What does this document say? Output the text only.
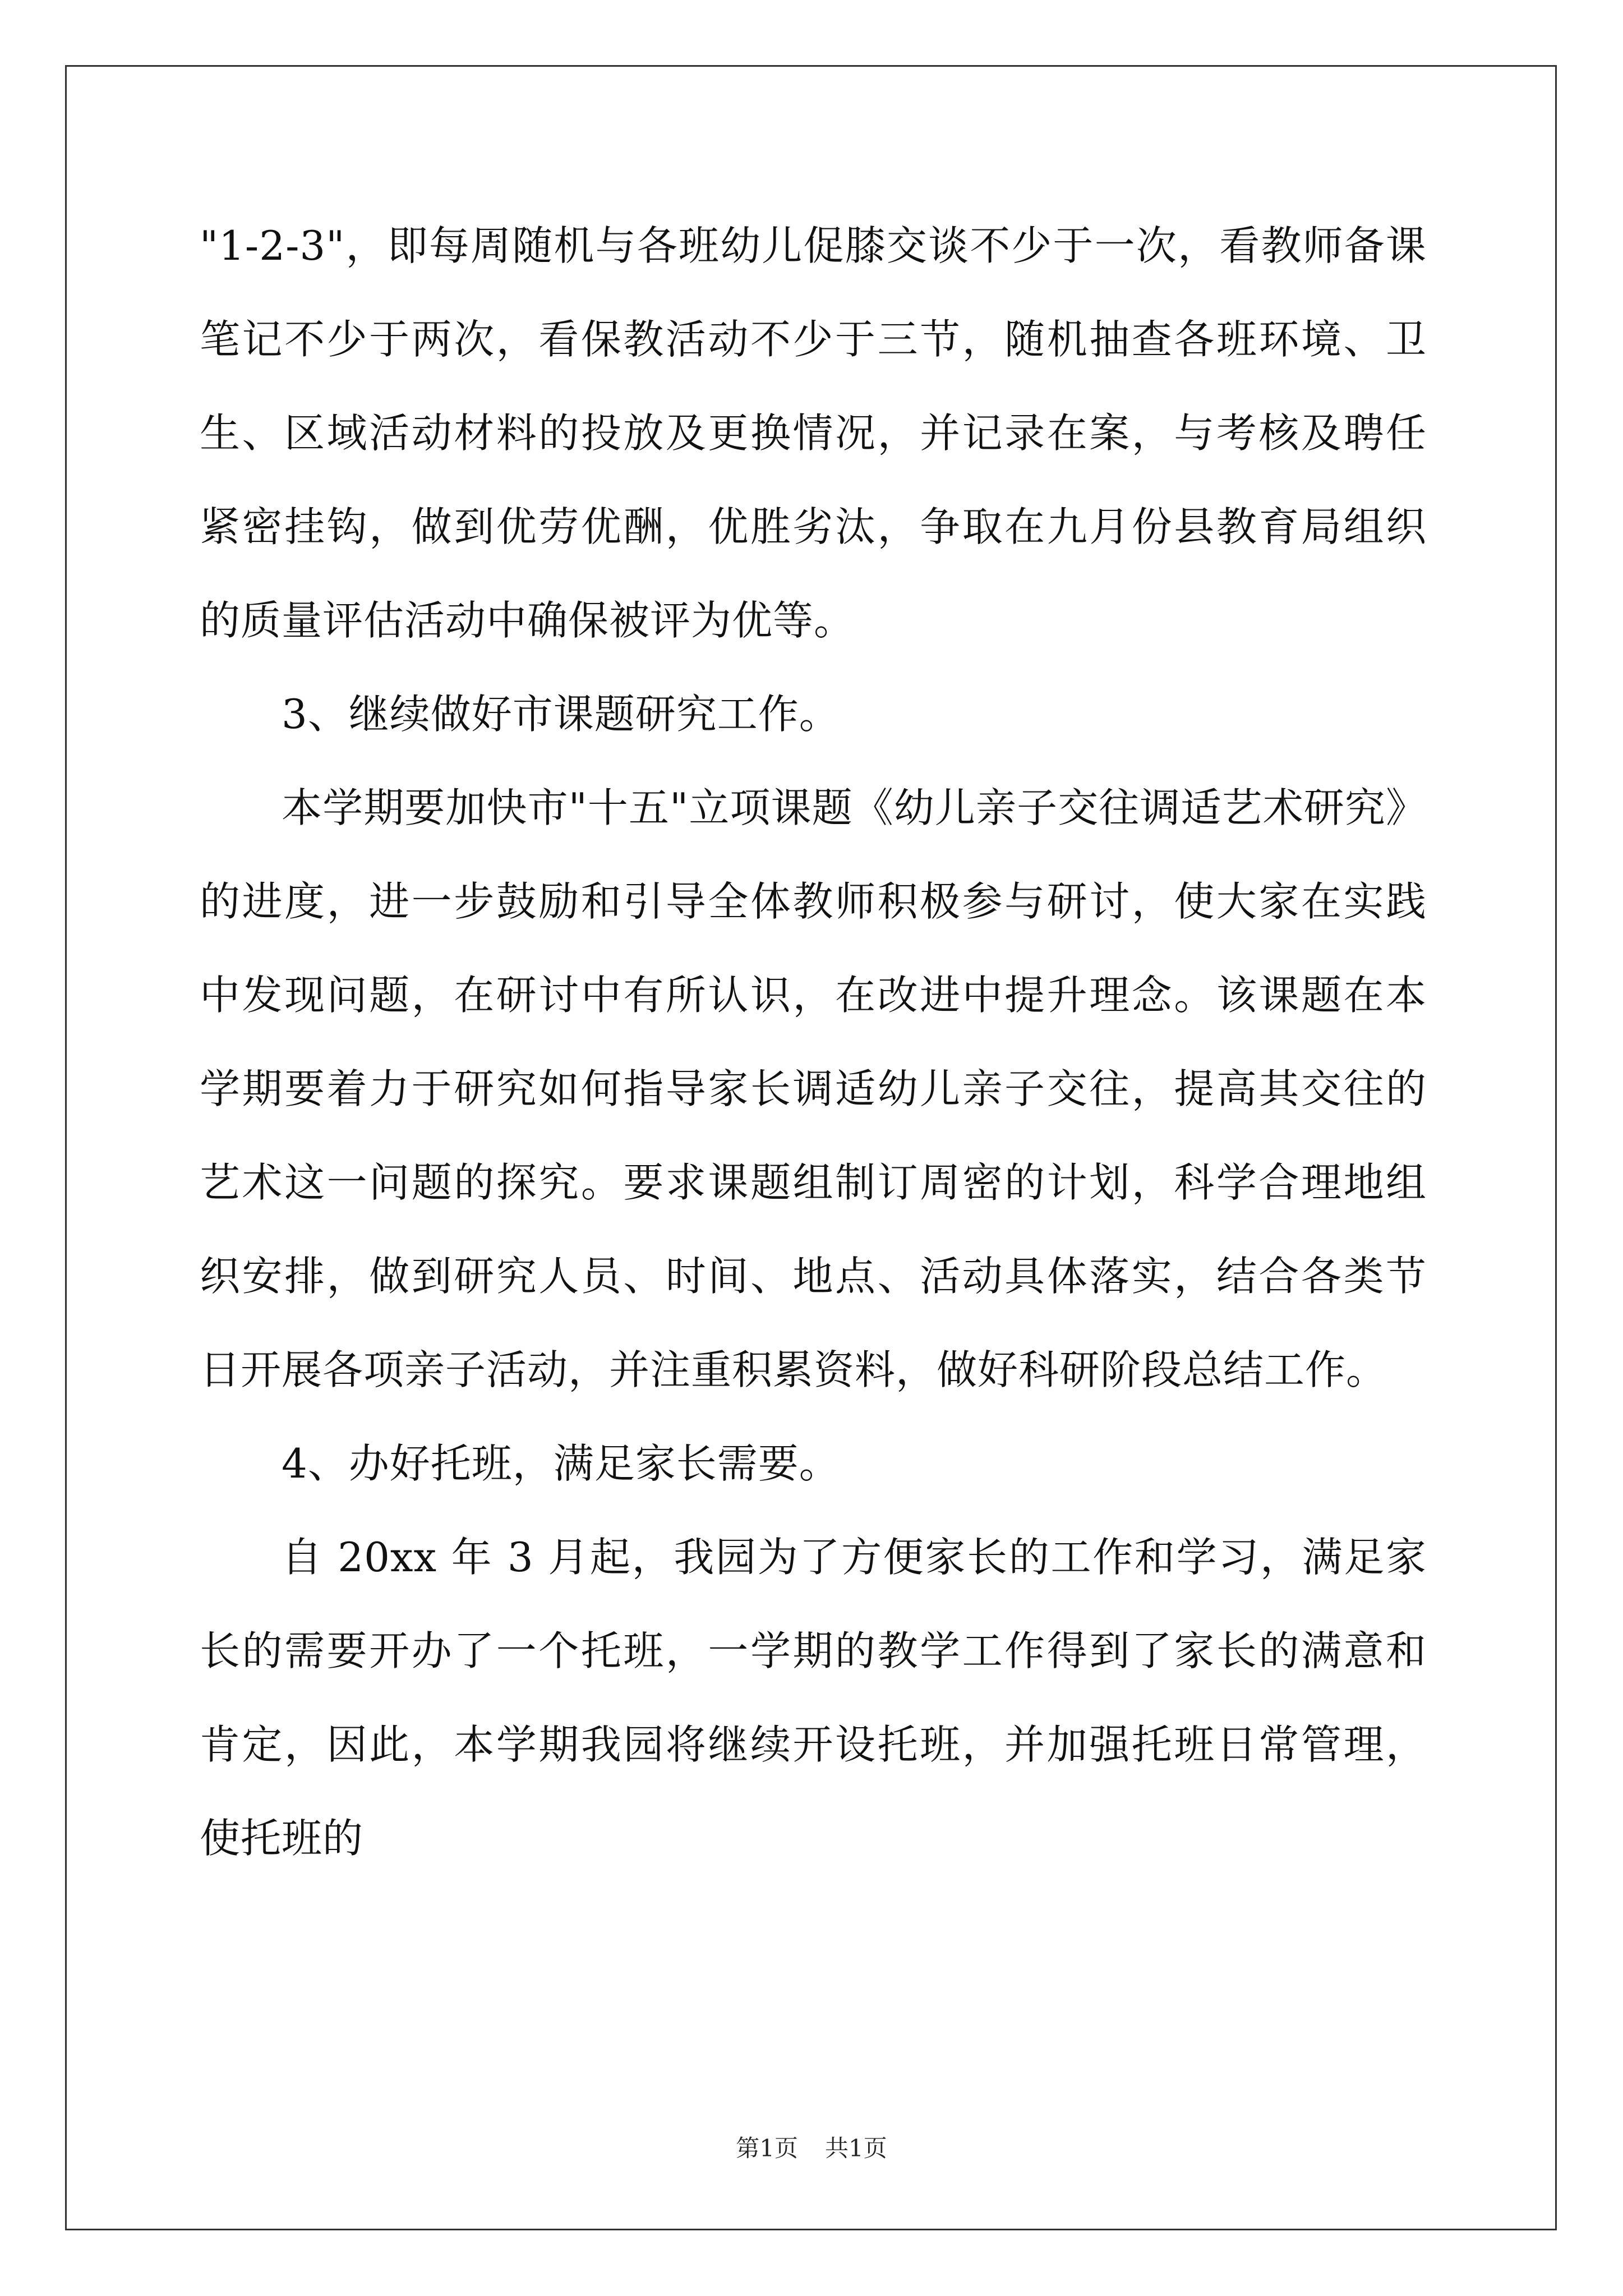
"1-2-3"，即每周随机与各班幼儿促膝交谈不少于一次，看教师备课笔记不少于两次，看保教活动不少于三节，随机抽查各班环境、卫生、区域活动材料的投放及更换情况，并记录在案，与考核及聘任紧密挂钩，做到优劳优酬，优胜劣汰，争取在九月份县教育局组织的质量评估活动中确保被评为优等。

3、继续做好市课题研究工作。

本学期要加快市"十五"立项课题《幼儿亲子交往调适艺术研究》的进度，进一步鼓励和引导全体教师积极参与研讨，使大家在实践中发现问题，在研讨中有所认识，在改进中提升理念。该课题在本学期要着力于研究如何指导家长调适幼儿亲子交往，提高其交往的艺术这一问题的探究。要求课题组制订周密的计划，科学合理地组织安排，做到研究人员、时间、地点、活动具体落实，结合各类节日开展各项亲子活动，并注重积累资料，做好科研阶段总结工作。

4、办好托班，满足家长需要。

自 20xx 年 3 月起，我园为了方便家长的工作和学习，满足家长的需要开办了一个托班，一学期的教学工作得到了家长的满意和肯定，因此，本学期我园将继续开设托班，并加强托班日常管理，使托班的

第1页 共1页
